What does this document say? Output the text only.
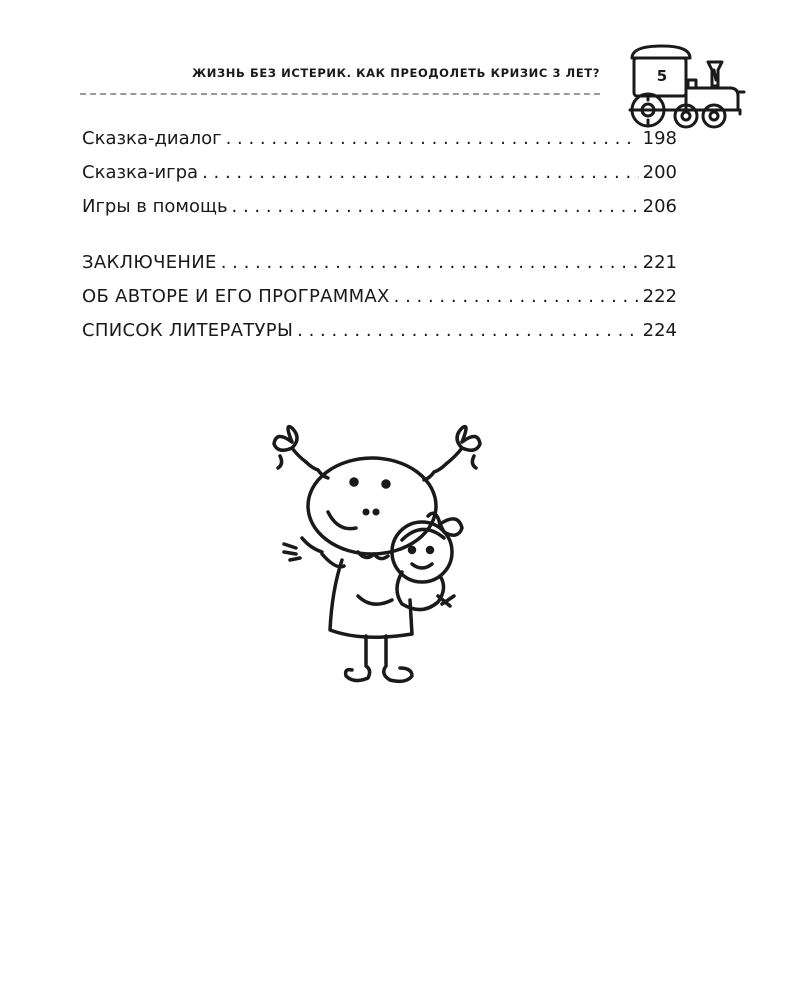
ЖИЗНЬ БЕЗ ИСТЕРИК. КАК ПРЕОДОЛЕТЬ КРИЗИС 3 ЛЕТ?	5
Сказка-диалог . . .	198
Сказка-игра . . .	200
Игры в помощь . . .	206
ЗАКЛЮЧЕНИЕ . . .	221
ОБ АВТОРЕ И ЕГО ПРОГРАММАХ . . .	222
СПИСОК ЛИТЕРАТУРЫ . . .	224
